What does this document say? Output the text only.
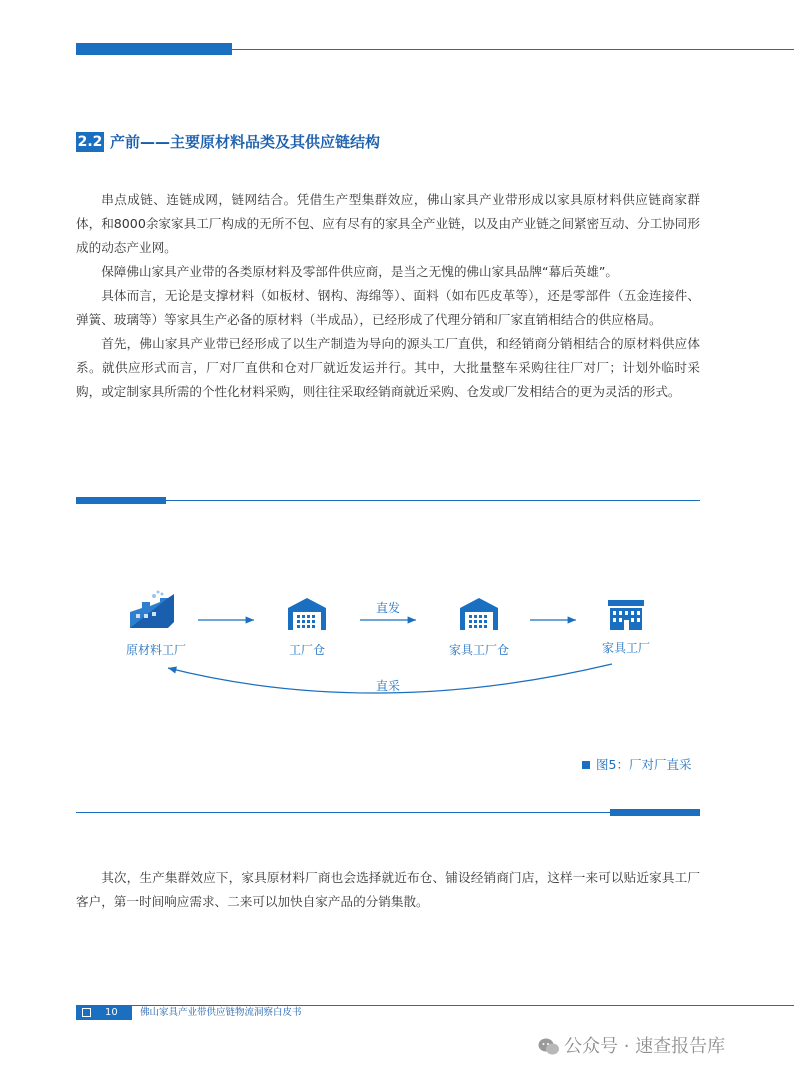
2.2 产前——主要原材料品类及其供应链结构

串点成链、连链成网，链网结合。凭借生产型集群效应，佛山家具产业带形成以家具原材料供应链商家群体，和8000余家家具工厂构成的无所不包、应有尽有的家具全产业链，以及由产业链之间紧密互动、分工协同形成的动态产业网。

保障佛山家具产业带的各类原材料及零部件供应商，是当之无愧的佛山家具品牌“幕后英雄”。

具体而言，无论是支撑材料（如板材、钢构、海绵等）、面料（如布匹皮革等），还是零部件（五金连接件、弹簧、玻璃等）等家具生产必备的原材料（半成品），已经形成了代理分销和厂家直销相结合的供应格局。

首先，佛山家具产业带已经形成了以生产制造为导向的源头工厂直供，和经销商分销相结合的原材料供应体系。就供应形式而言，厂对厂直供和仓对厂就近发运并行。其中，大批量整车采购往往厂对厂；计划外临时采购，或定制家具所需的个性化材料采购，则往往采取经销商就近采购、仓发或厂发相结合的更为灵活的形式。

原材料工厂	工厂仓	家具工厂仓	家具工厂
直发
直采
图5：厂对厂直采

其次，生产集群效应下，家具原材料厂商也会选择就近布仓、铺设经销商门店，这样一来可以贴近家具工厂客户，第一时间响应需求、二来可以加快自家产品的分销集散。

10 佛山家具产业带供应链物流洞察白皮书
公众号 · 速查报告库
